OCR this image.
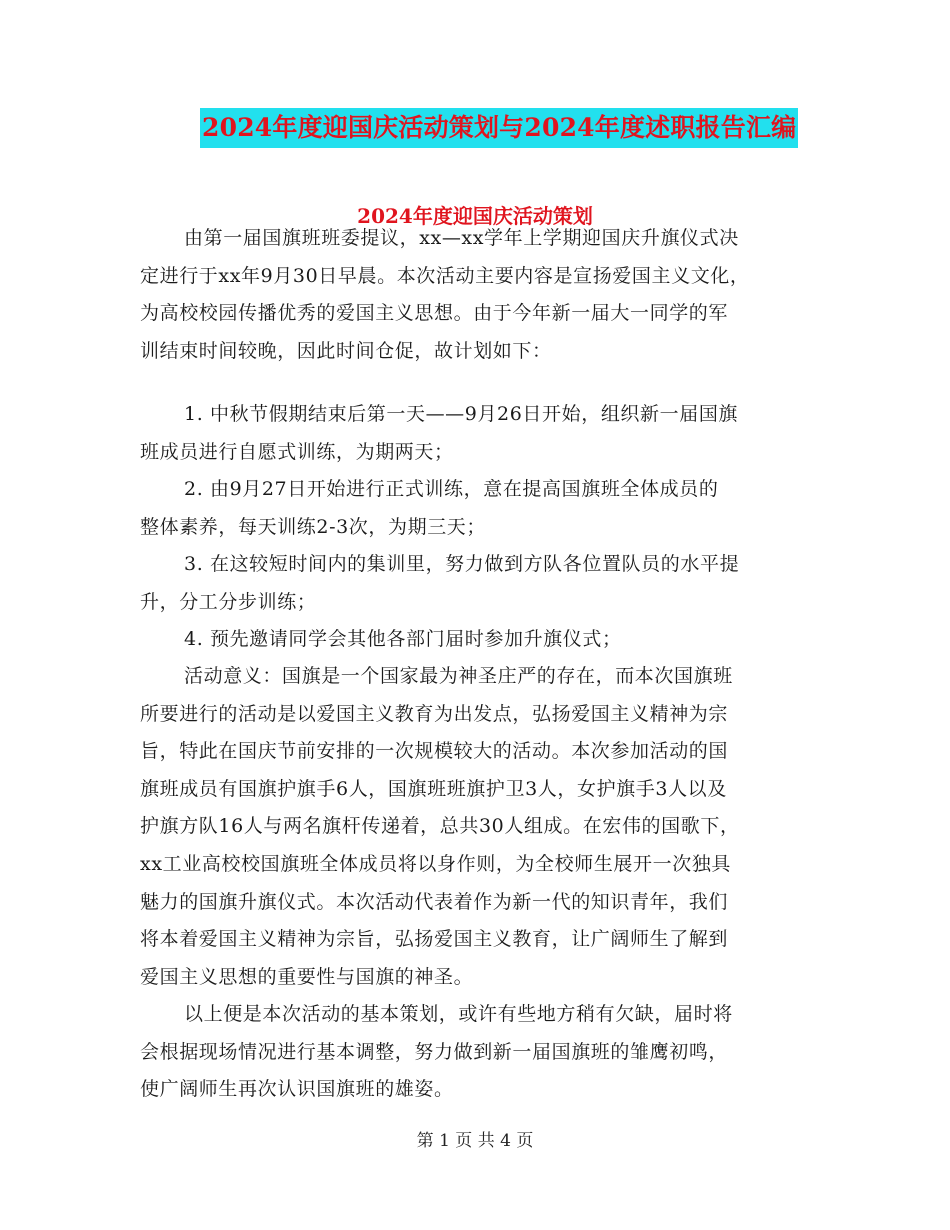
2024年度迎国庆活动策划与2024年度述职报告汇编
2024年度迎国庆活动策划

由第一届国旗班班委提议，xx—xx学年上学期迎国庆升旗仪式决
定进行于xx年9月30日早晨。本次活动主要内容是宣扬爱国主义文化，
为高校校园传播优秀的爱国主义思想。由于今年新一届大一同学的军
训结束时间较晚，因此时间仓促，故计划如下：

1. 中秋节假期结束后第一天——9月26日开始，组织新一届国旗
班成员进行自愿式训练，为期两天；

2. 由9月27日开始进行正式训练，意在提高国旗班全体成员的
整体素养，每天训练2-3次，为期三天；

3. 在这较短时间内的集训里，努力做到方队各位置队员的水平提
升，分工分步训练；

4. 预先邀请同学会其他各部门届时参加升旗仪式；

活动意义：国旗是一个国家最为神圣庄严的存在，而本次国旗班
所要进行的活动是以爱国主义教育为出发点，弘扬爱国主义精神为宗
旨，特此在国庆节前安排的一次规模较大的活动。本次参加活动的国
旗班成员有国旗护旗手6人，国旗班班旗护卫3人，女护旗手3人以及
护旗方队16人与两名旗杆传递着，总共30人组成。在宏伟的国歌下，
xx工业高校校国旗班全体成员将以身作则，为全校师生展开一次独具
魅力的国旗升旗仪式。本次活动代表着作为新一代的知识青年，我们
将本着爱国主义精神为宗旨，弘扬爱国主义教育，让广阔师生了解到
爱国主义思想的重要性与国旗的神圣。

以上便是本次活动的基本策划，或许有些地方稍有欠缺，届时将
会根据现场情况进行基本调整，努力做到新一届国旗班的雏鹰初鸣，
使广阔师生再次认识国旗班的雄姿。

第 1 页 共 4 页
